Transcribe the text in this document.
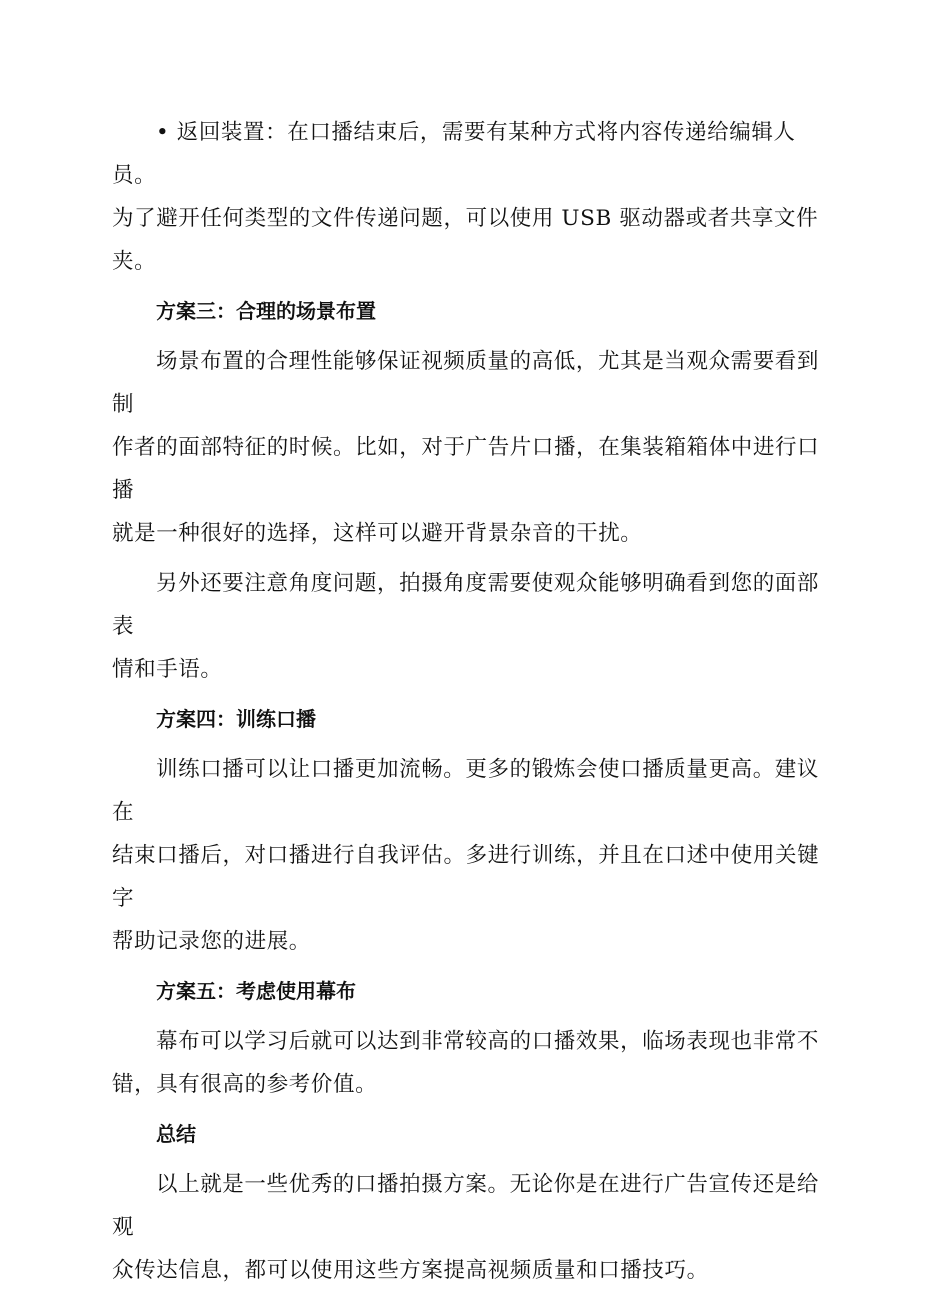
• 返回装置：在口播结束后，需要有某种方式将内容传递给编辑人员。
为了避开任何类型的文件传递问题，可以使用 USB 驱动器或者共享文件夹。

方案三：合理的场景布置

场景布置的合理性能够保证视频质量的高低，尤其是当观众需要看到制
作者的面部特征的时候。比如，对于广告片口播，在集装箱箱体中进行口播
就是一种很好的选择，这样可以避开背景杂音的干扰。

另外还要注意角度问题，拍摄角度需要使观众能够明确看到您的面部表
情和手语。

方案四：训练口播

训练口播可以让口播更加流畅。更多的锻炼会使口播质量更高。建议在
结束口播后，对口播进行自我评估。多进行训练，并且在口述中使用关键字
帮助记录您的进展。

方案五：考虑使用幕布

幕布可以学习后就可以达到非常较高的口播效果，临场表现也非常不
错，具有很高的参考价值。

总结

以上就是一些优秀的口播拍摄方案。无论你是在进行广告宣传还是给观
众传达信息，都可以使用这些方案提高视频质量和口播技巧。
